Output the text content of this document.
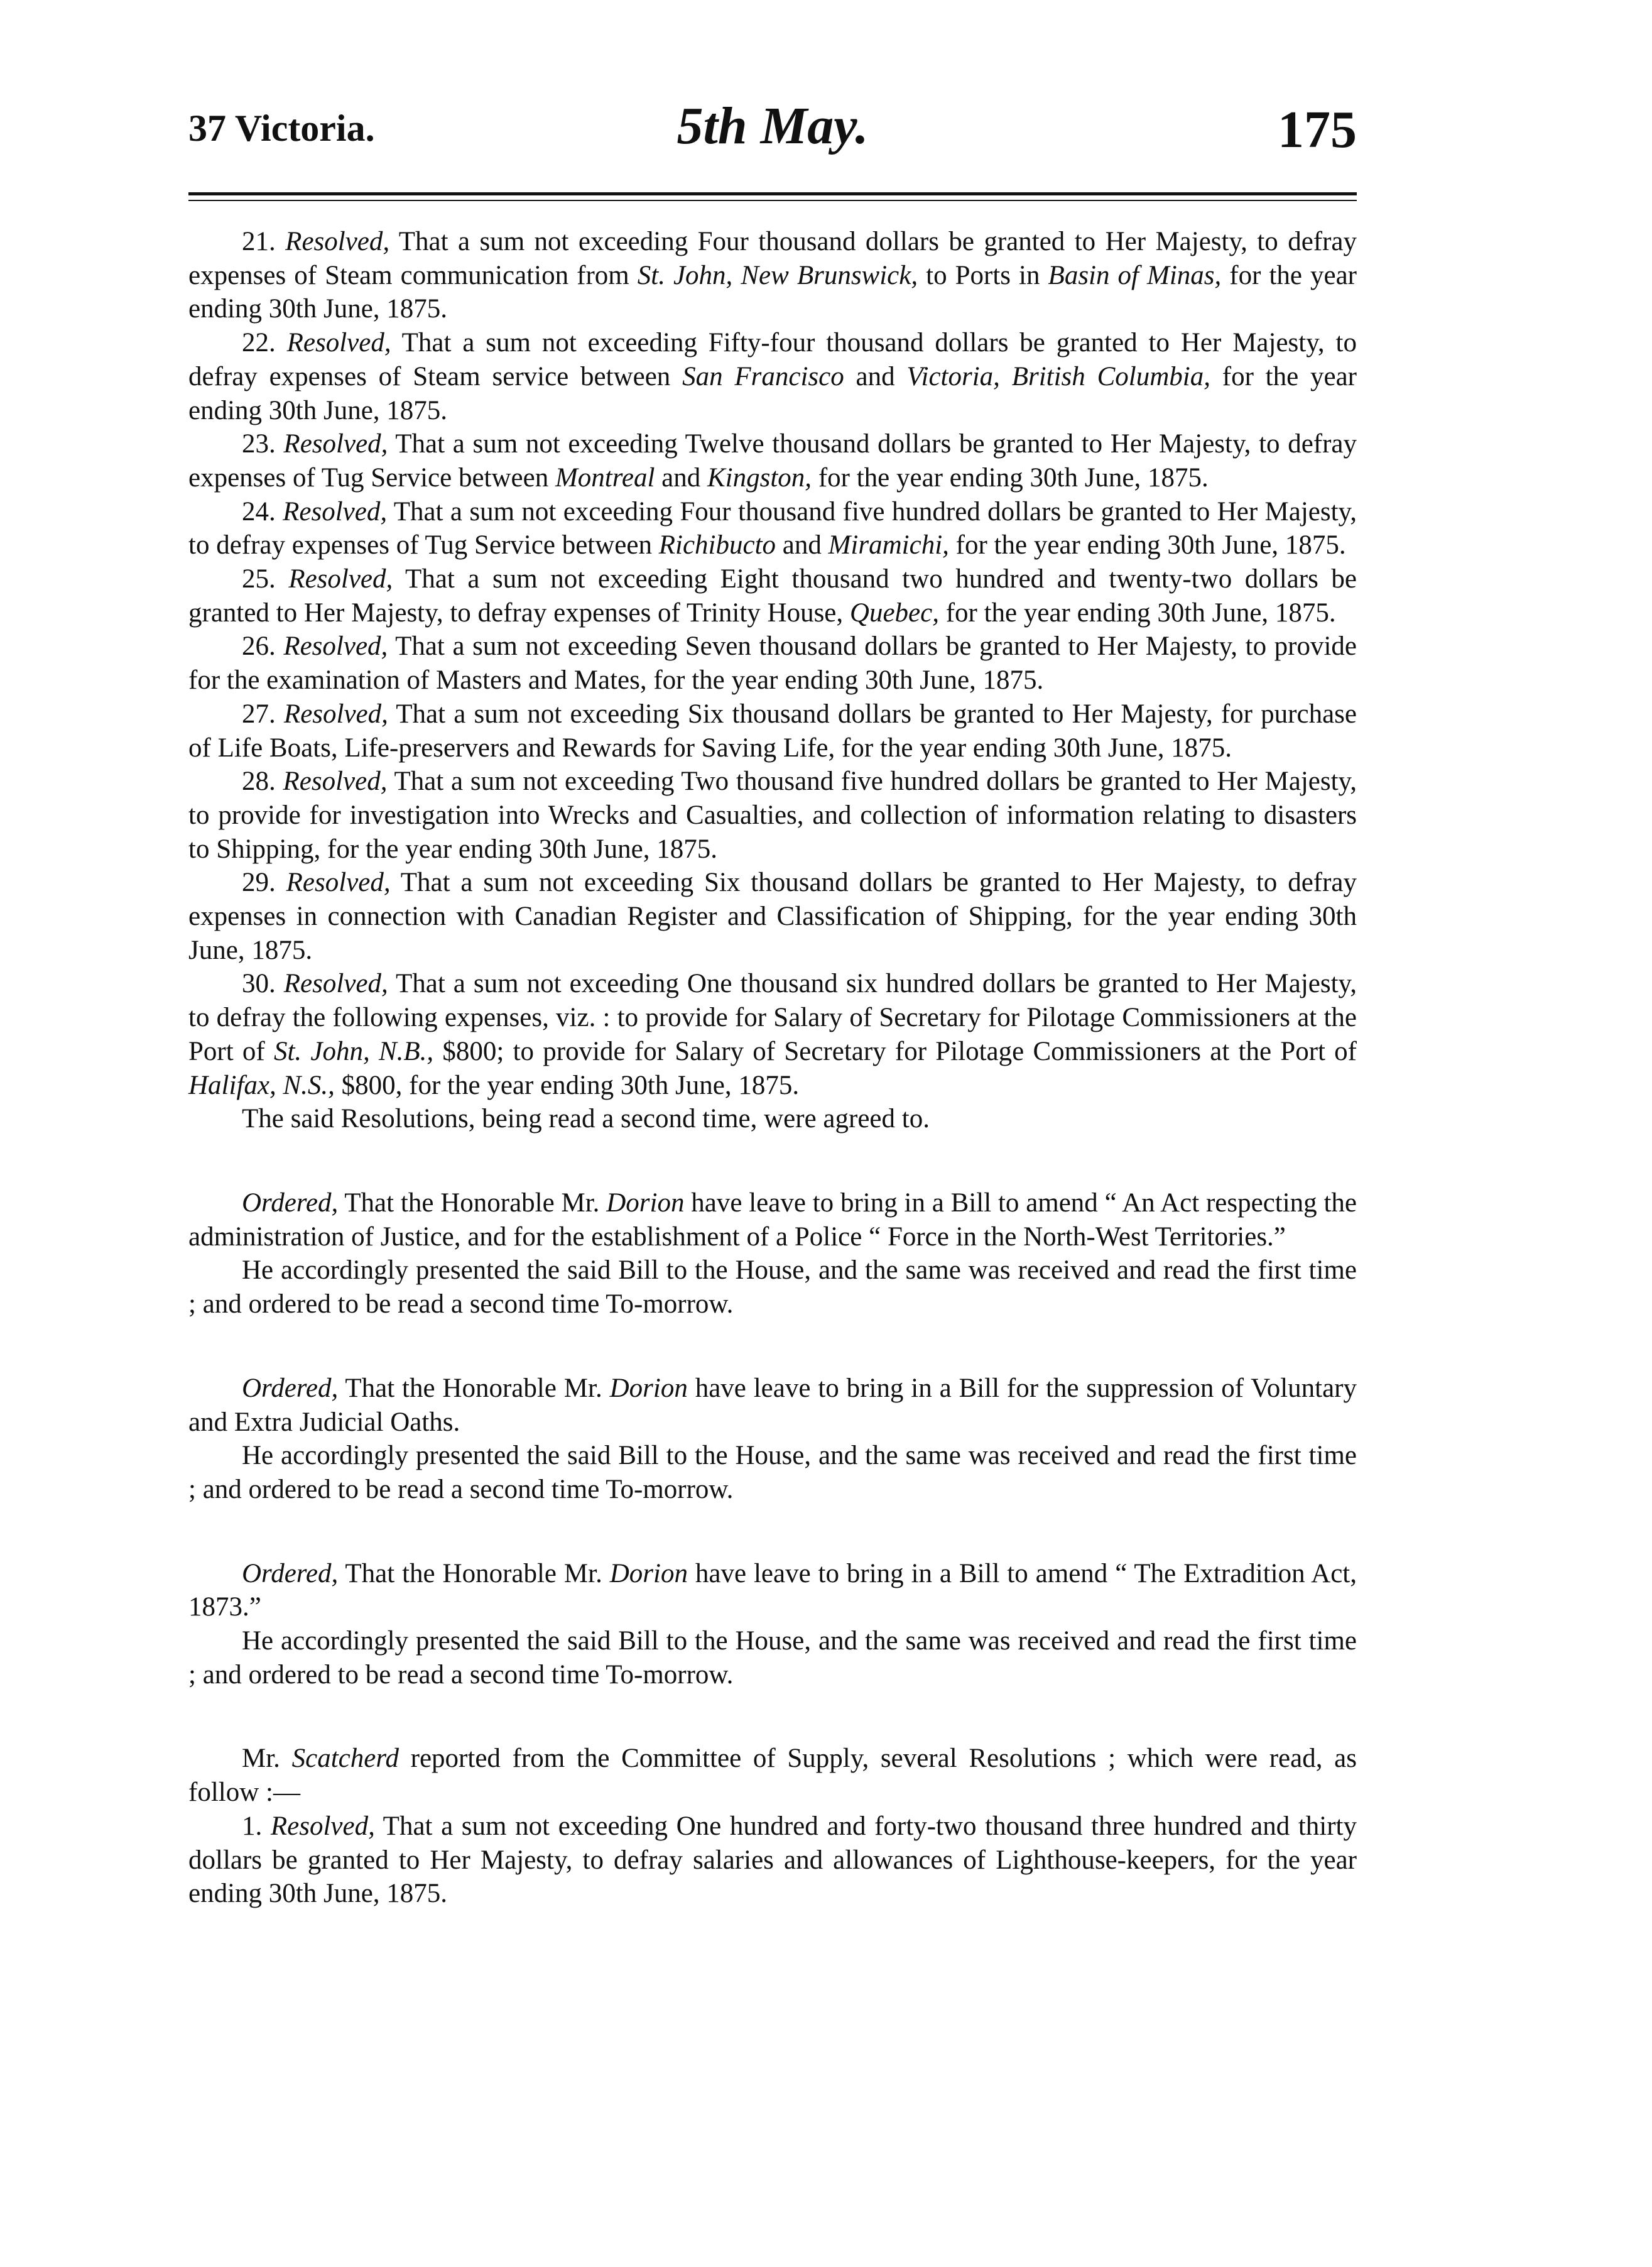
37 Victoria.	5th May.	175

21. Resolved, That a sum not exceeding Four thousand dollars be granted to Her Majesty, to defray expenses of Steam communication from St. John, New Brunswick, to Ports in Basin of Minas, for the year ending 30th June, 1875.

22. Resolved, That a sum not exceeding Fifty-four thousand dollars be granted to Her Majesty, to defray expenses of Steam service between San Francisco and Victoria, British Columbia, for the year ending 30th June, 1875.

23. Resolved, That a sum not exceeding Twelve thousand dollars be granted to Her Majesty, to defray expenses of Tug Service between Montreal and Kingston, for the year ending 30th June, 1875.

24. Resolved, That a sum not exceeding Four thousand five hundred dollars be granted to Her Majesty, to defray expenses of Tug Service between Richibucto and Miramichi, for the year ending 30th June, 1875.

25. Resolved, That a sum not exceeding Eight thousand two hundred and twenty-two dollars be granted to Her Majesty, to defray expenses of Trinity House, Quebec, for the year ending 30th June, 1875.

26. Resolved, That a sum not exceeding Seven thousand dollars be granted to Her Majesty, to provide for the examination of Masters and Mates, for the year ending 30th June, 1875.

27. Resolved, That a sum not exceeding Six thousand dollars be granted to Her Majesty, for purchase of Life Boats, Life-preservers and Rewards for Saving Life, for the year ending 30th June, 1875.

28. Resolved, That a sum not exceeding Two thousand five hundred dollars be granted to Her Majesty, to provide for investigation into Wrecks and Casualties, and collection of information relating to disasters to Shipping, for the year ending 30th June, 1875.

29. Resolved, That a sum not exceeding Six thousand dollars be granted to Her Majesty, to defray expenses in connection with Canadian Register and Classification of Shipping, for the year ending 30th June, 1875.

30. Resolved, That a sum not exceeding One thousand six hundred dollars be granted to Her Majesty, to defray the following expenses, viz. : to provide for Salary of Secretary for Pilotage Commissioners at the Port of St. John, N.B., $800; to provide for Salary of Secretary for Pilotage Commissioners at the Port of Halifax, N.S., $800, for the year ending 30th June, 1875.

The said Resolutions, being read a second time, were agreed to.

Ordered, That the Honorable Mr. Dorion have leave to bring in a Bill to amend “ An Act respecting the administration of Justice, and for the establishment of a Police “ Force in the North-West Territories.”

He accordingly presented the said Bill to the House, and the same was received and read the first time ; and ordered to be read a second time To-morrow.

Ordered, That the Honorable Mr. Dorion have leave to bring in a Bill for the suppression of Voluntary and Extra Judicial Oaths.

He accordingly presented the said Bill to the House, and the same was received and read the first time ; and ordered to be read a second time To-morrow.

Ordered, That the Honorable Mr. Dorion have leave to bring in a Bill to amend “ The Extradition Act, 1873.”

He accordingly presented the said Bill to the House, and the same was received and read the first time ; and ordered to be read a second time To-morrow.

Mr. Scatcherd reported from the Committee of Supply, several Resolutions ; which were read, as follow :—

1. Resolved, That a sum not exceeding One hundred and forty-two thousand three hundred and thirty dollars be granted to Her Majesty, to defray salaries and allowances of Lighthouse-keepers, for the year ending 30th June, 1875.
